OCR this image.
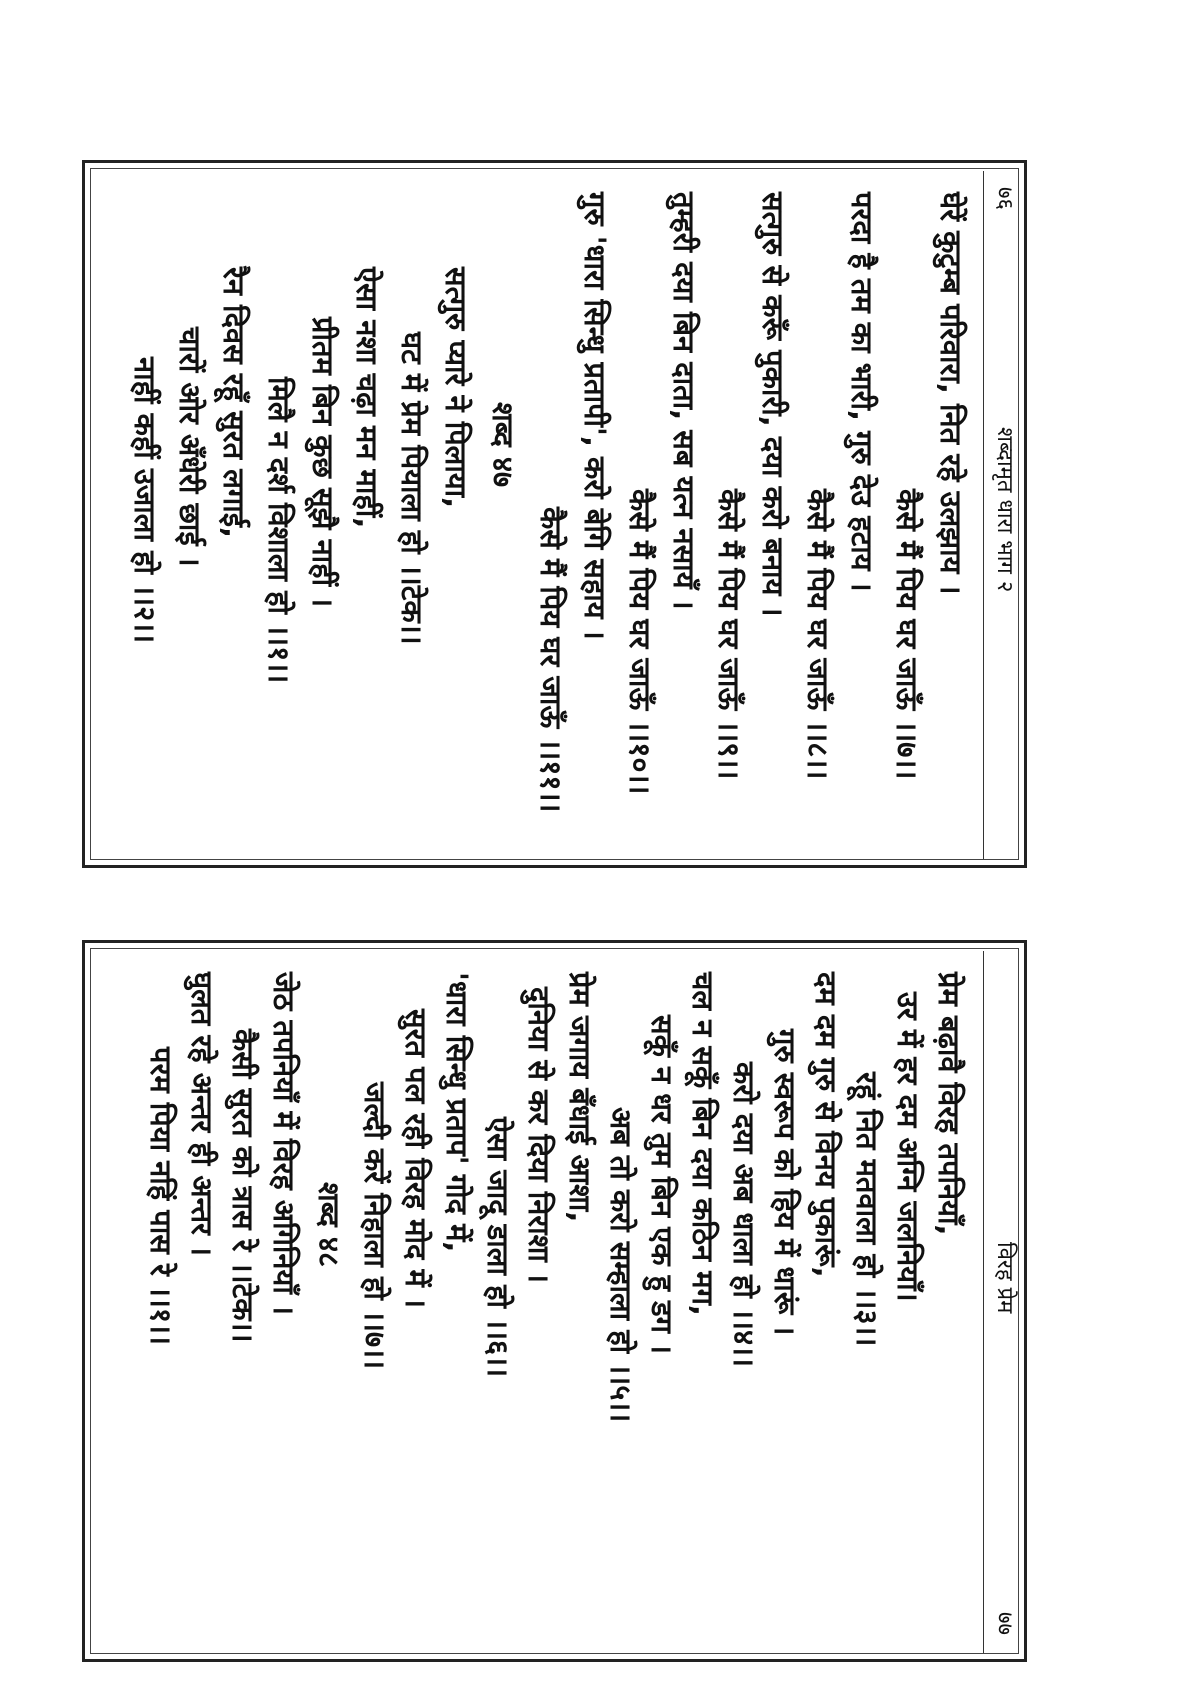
७६
शब्दामृत धारा भाग २
घेरें कुटुम्ब परिवारा, नित रहे उलझाय ।
कैसे मैं पिय घर जाऊँ ।।७।।
परदा है तम का भारी, गुरु देउ हटाय ।
कैसे मैं पिय घर जाऊँ ।।८।।
सत्गुरु से करूँ पुकारी, दया करो बनाय ।
कैसे मैं पिय घर जाऊँ ।।९।।
तुम्हरी दया बिन दाता, सब यत्न नसायँ ।
कैसे मैं पिय घर जाऊँ ।।१०।।
गुरु 'धारा सिन्धु प्रतापी', करो बेगि सहाय ।
कैसे मैं पिय घर जाऊँ ।।११।।
शब्द ४७
सत्गुरु प्यारे ने पिलाया,
घट में प्रेम पियाला हो ।।टेक।।
ऐसा नशा चढ़ा मन माहीं,
प्रीतम बिन कुछ सूझै नाहीं ।
मिलै न दर्श विशाला हो ।।१।।
रैन दिवस रहूँ सुरत लगाई,
चारों ओर अँधेरी छाई ।
नाहीं कहीं उजाला हो ।।२।।
विरह प्रेम
७७
प्रेम बढ़ावै विरह तपनियाँ,
उर में हर दम अग्नि जलनियाँ।
रहूं नित मतवाला हो ।।३।।
दम दम गुरु से विनय पुकारूं,
गुरु स्वरूप को हिय में धारूं ।
करो दया अब धाला हो ।।४।।
चल न सकूँ बिन दया कठिन मग,
सकूँ न धर तुम बिन एक हु डग ।
अब तो करो सम्हाला हो ।।५।।
प्रेम जगाय बँधाई आशा,
दुनिया से कर दिया निराशा ।
ऐसा जादू डाला हो ।।६।।
'धारा सिन्धु प्रताप' गोद में,
सुरत पल रही विरह मोद में ।
जल्दी करें निहाला हो ।।७।।
शब्द ४८
जेठ तपनियाँ में विरह अगिनियाँ ।
कैसी सुरत को त्रास रे ।।टेक।।
घुलत रहे अन्तर ही अन्तर ।
परम पिया नहिं पास रे ।।१।।
